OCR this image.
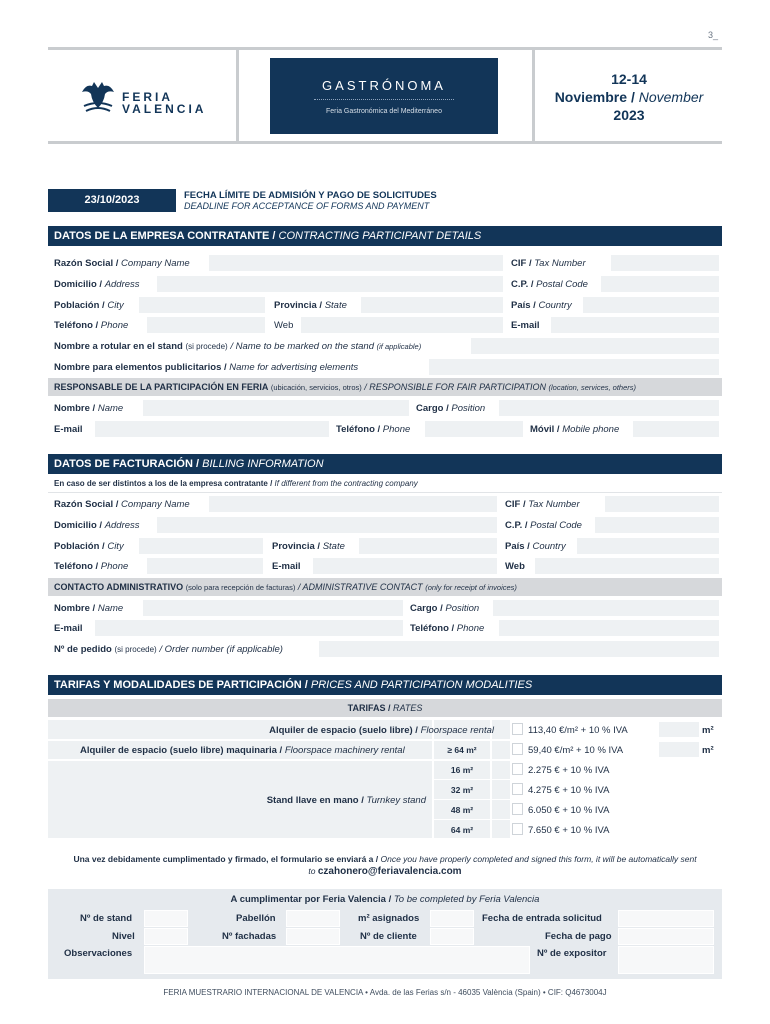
3_
FERIA
VALENCIA
GASTRÓNOMA
Feria Gastronómica del Mediterráneo
12-14
Noviembre / November
2023
23/10/2023	FECHA LÍMITE DE ADMISIÓN Y PAGO DE SOLICITUDES
DEADLINE FOR ACCEPTANCE OF FORMS AND PAYMENT
DATOS DE LA EMPRESA CONTRATANTE / CONTRACTING PARTICIPANT DETAILS
Razón Social / Company Name	CIF / Tax Number
Domicilio / Address	C.P. / Postal Code
Población / City	Provincia / State	País / Country
Teléfono / Phone	Web	E-mail
Nombre a rotular en el stand (si procede) / Name to be marked on the stand (if applicable)
Nombre para elementos publicitarios / Name for advertising elements
RESPONSABLE DE LA PARTICIPACIÓN EN FERIA (ubicación, servicios, otros) / RESPONSIBLE FOR FAIR PARTICIPATION (location, services, others)
Nombre / Name	Cargo / Position
E-mail	Teléfono / Phone	Móvil / Mobile phone
DATOS DE FACTURACIÓN / BILLING INFORMATION
En caso de ser distintos a los de la empresa contratante / If different from the contracting company
Razón Social / Company Name	CIF / Tax Number
Domicilio / Address	C.P. / Postal Code
Población / City	Provincia / State	País / Country
Teléfono / Phone	E-mail	Web
CONTACTO ADMINISTRATIVO (solo para recepción de facturas) / ADMINISTRATIVE CONTACT (only for receipt of invoices)
Nombre / Name	Cargo / Position
E-mail	Teléfono / Phone
Nº de pedido (si procede) / Order number (if applicable)
TARIFAS Y MODALIDADES DE PARTICIPACIÓN / PRICES AND PARTICIPATION MODALITIES
TARIFAS / RATES
Alquiler de espacio (suelo libre) / Floorspace rental	113,40 €/m² + 10 % IVA	m²
Alquiler de espacio (suelo libre) maquinaria / Floorspace machinery rental	≥ 64 m²	59,40 €/m² + 10 % IVA	m²
Stand llave en mano / Turnkey stand
16 m²	2.275 € + 10 % IVA
32 m²	4.275 € + 10 % IVA
48 m²	6.050 € + 10 % IVA
64 m²	7.650 € + 10 % IVA
Una vez debidamente cumplimentado y firmado, el formulario se enviará a / Once you have properly completed and signed this form, it will be automatically sent
to czahonero@feriavalencia.com
A cumplimentar por Feria Valencia / To be completed by Feria Valencia
Nº de stand	Pabellón	m² asignados	Fecha de entrada solicitud
Nivel	Nº fachadas	Nº de cliente	Fecha de pago
Observaciones	Nº de expositor
FERIA MUESTRARIO INTERNACIONAL DE VALENCIA • Avda. de las Ferias s/n - 46035 València (Spain) • CIF: Q4673004J
